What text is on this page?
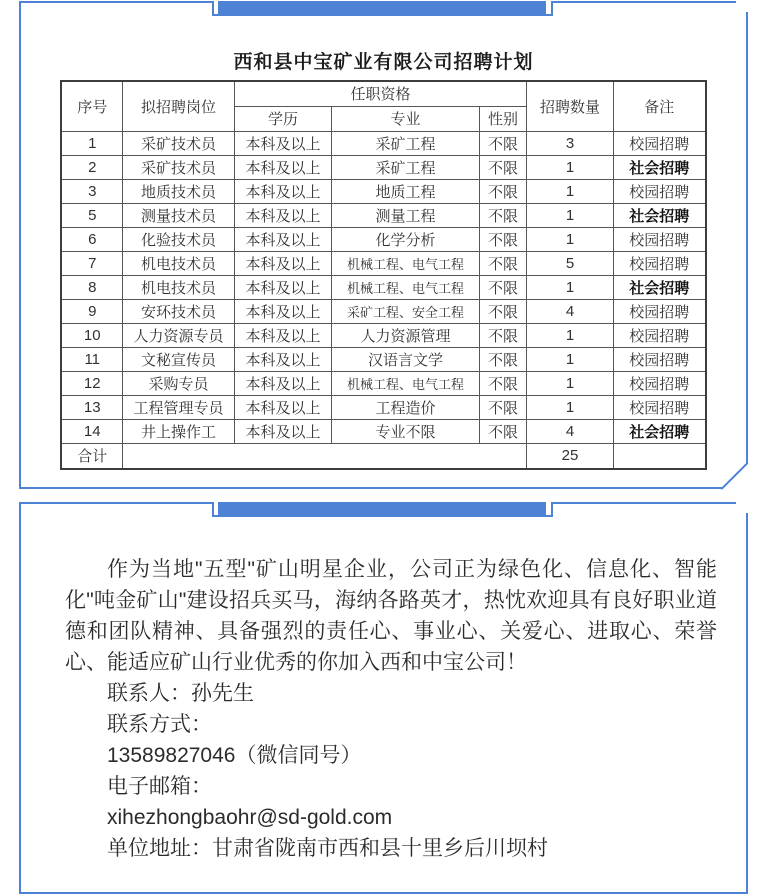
西和县中宝矿业有限公司招聘计划
序号	拟招聘岗位	任职资格			招聘数量	备注
		学历	专业	性别		
1	采矿技术员	本科及以上	采矿工程	不限	3	校园招聘
2	采矿技术员	本科及以上	采矿工程	不限	1	社会招聘
3	地质技术员	本科及以上	地质工程	不限	1	校园招聘
5	测量技术员	本科及以上	测量工程	不限	1	社会招聘
6	化验技术员	本科及以上	化学分析	不限	1	校园招聘
7	机电技术员	本科及以上	机械工程、电气工程	不限	5	校园招聘
8	机电技术员	本科及以上	机械工程、电气工程	不限	1	社会招聘
9	安环技术员	本科及以上	采矿工程、安全工程	不限	4	校园招聘
10	人力资源专员	本科及以上	人力资源管理	不限	1	校园招聘
11	文秘宣传员	本科及以上	汉语言文学	不限	1	校园招聘
12	采购专员	本科及以上	机械工程、电气工程	不限	1	校园招聘
13	工程管理专员	本科及以上	工程造价	不限	1	校园招聘
14	井上操作工	本科及以上	专业不限	不限	4	社会招聘
合计					25	

作为当地"五型"矿山明星企业，公司正为绿色化、信息化、智能化"吨金矿山"建设招兵买马，海纳各路英才，热忱欢迎具有良好职业道德和团队精神、具备强烈的责任心、事业心、关爱心、进取心、荣誉心、能适应矿山行业优秀的你加入西和中宝公司！

联系人：孙先生
联系方式：
13589827046（微信同号）
电子邮箱：
xihezhongbaohr@sd-gold.com
单位地址：甘肃省陇南市西和县十里乡后川坝村
